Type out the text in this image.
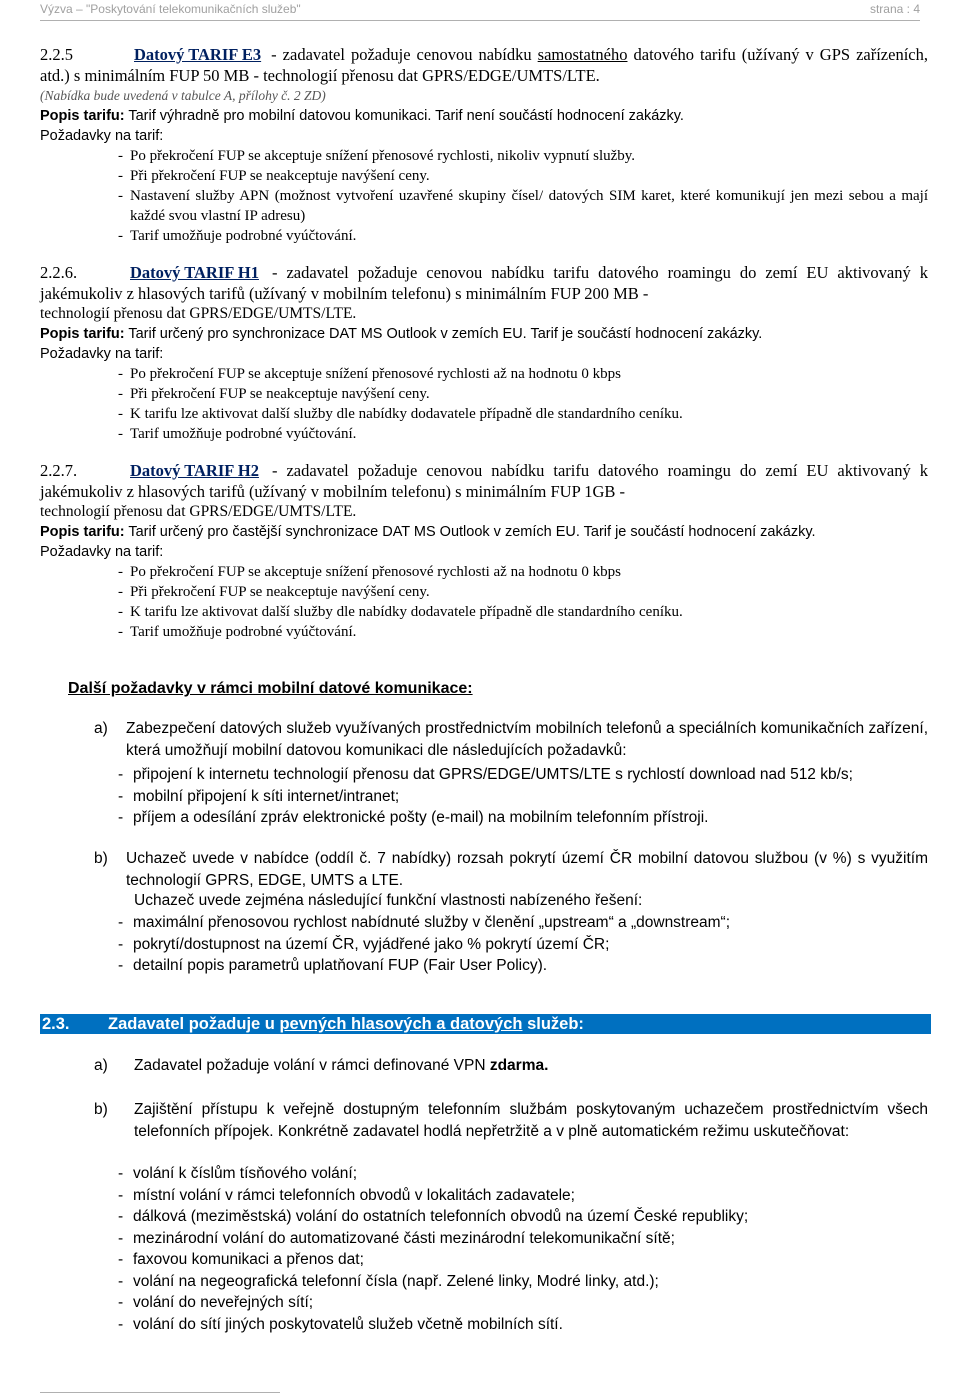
Výzva – "Poskytování telekomunikačních služeb"	strana : 4

2.2.5	Datový TARIF E3 - zadavatel požaduje cenovou nabídku samostatného datového tarifu (užívaný v GPS zařízeních, atd.) s minimálním FUP 50 MB - technologií přenosu dat GPRS/EDGE/UMTS/LTE.

(Nabídka bude uvedená v tabulce A, přílohy č. 2 ZD)

Popis tarifu: Tarif výhradně pro mobilní datovou komunikaci. Tarif není součástí hodnocení zakázky.

Požadavky na tarif:

- Po překročení FUP se akceptuje snížení přenosové rychlosti, nikoliv vypnutí služby.
- Při překročení FUP se neakceptuje navýšení ceny.
- Nastavení služby APN (možnost vytvoření uzavřené skupiny čísel/ datových SIM karet, které komunikují jen mezi sebou a mají každé svou vlastní IP adresu)
- Tarif umožňuje podrobné vyúčtování.

2.2.6.	Datový TARIF H1 - zadavatel požaduje cenovou nabídku tarifu datového roamingu do zemí EU aktivovaný k jakémukoliv z hlasových tarifů (užívaný v mobilním telefonu) s minimálním FUP 200 MB -

technologií přenosu dat GPRS/EDGE/UMTS/LTE.

Popis tarifu: Tarif určený pro synchronizace DAT MS Outlook v zemích EU. Tarif je součástí hodnocení zakázky.

Požadavky na tarif:

- Po překročení FUP se akceptuje snížení přenosové rychlosti až na hodnotu 0 kbps
- Při překročení FUP se neakceptuje navýšení ceny.
- K tarifu lze aktivovat další služby dle nabídky dodavatele případně dle standardního ceníku.
- Tarif umožňuje podrobné vyúčtování.

2.2.7.	Datový TARIF H2 - zadavatel požaduje cenovou nabídku tarifu datového roamingu do zemí EU aktivovaný k jakémukoliv z hlasových tarifů (užívaný v mobilním telefonu) s minimálním FUP 1GB -

technologií přenosu dat GPRS/EDGE/UMTS/LTE.

Popis tarifu: Tarif určený pro častější synchronizace DAT MS Outlook v zemích EU. Tarif je součástí hodnocení zakázky.

Požadavky na tarif:

- Po překročení FUP se akceptuje snížení přenosové rychlosti až na hodnotu 0 kbps
- Při překročení FUP se neakceptuje navýšení ceny.
- K tarifu lze aktivovat další služby dle nabídky dodavatele případně dle standardního ceníku.
- Tarif umožňuje podrobné vyúčtování.

Další požadavky v rámci mobilní datové komunikace:

a) Zabezpečení datových služeb využívaných prostřednictvím mobilních telefonů a speciálních komunikačních zařízení, která umožňují mobilní datovou komunikaci dle následujících požadavků:

- připojení k internetu technologií přenosu dat GPRS/EDGE/UMTS/LTE s rychlostí download nad 512 kb/s;
- mobilní připojení k síti internet/intranet;
- příjem a odesílání zpráv elektronické pošty (e-mail) na mobilním telefonním přístroji.
b) Uchazeč uvede v nabídce (oddíl č. 7 nabídky) rozsah pokrytí území ČR mobilní datovou službou (v %) s využitím technologií GPRS, EDGE, UMTS a LTE.

Uchazeč uvede zejména následující funkční vlastnosti nabízeného řešení:

- maximální přenosovou rychlost nabídnuté služby v členění „upstream“ a „downstream“;
- pokrytí/dostupnost na území ČR, vyjádřené jako % pokrytí území ČR;
- detailní popis parametrů uplatňovaní FUP (Fair User Policy).
2.3. Zadavatel požaduje u pevných hlasových a datových služeb:
a) Zadavatel požaduje volání v rámci definované VPN zdarma.

b) Zajištění přístupu k veřejně dostupným telefonním službám poskytovaným uchazečem prostřednictvím všech telefonních přípojek. Konkrétně zadavatel hodlá nepřetržitě a v plně automatickém režimu uskutečňovat:

- volání k číslům tísňového volání;
- místní volání v rámci telefonních obvodů v lokalitách zadavatele;
- dálková (meziměstská) volání do ostatních telefonních obvodů na území České republiky;
- mezinárodní volání do automatizované části mezinárodní telekomunikační sítě;
- faxovou komunikaci a přenos dat;
- volání na negeografická telefonní čísla (např. Zelené linky, Modré linky, atd.);
- volání do neveřejných sítí;
- volání do sítí jiných poskytovatelů služeb včetně mobilních sítí.
